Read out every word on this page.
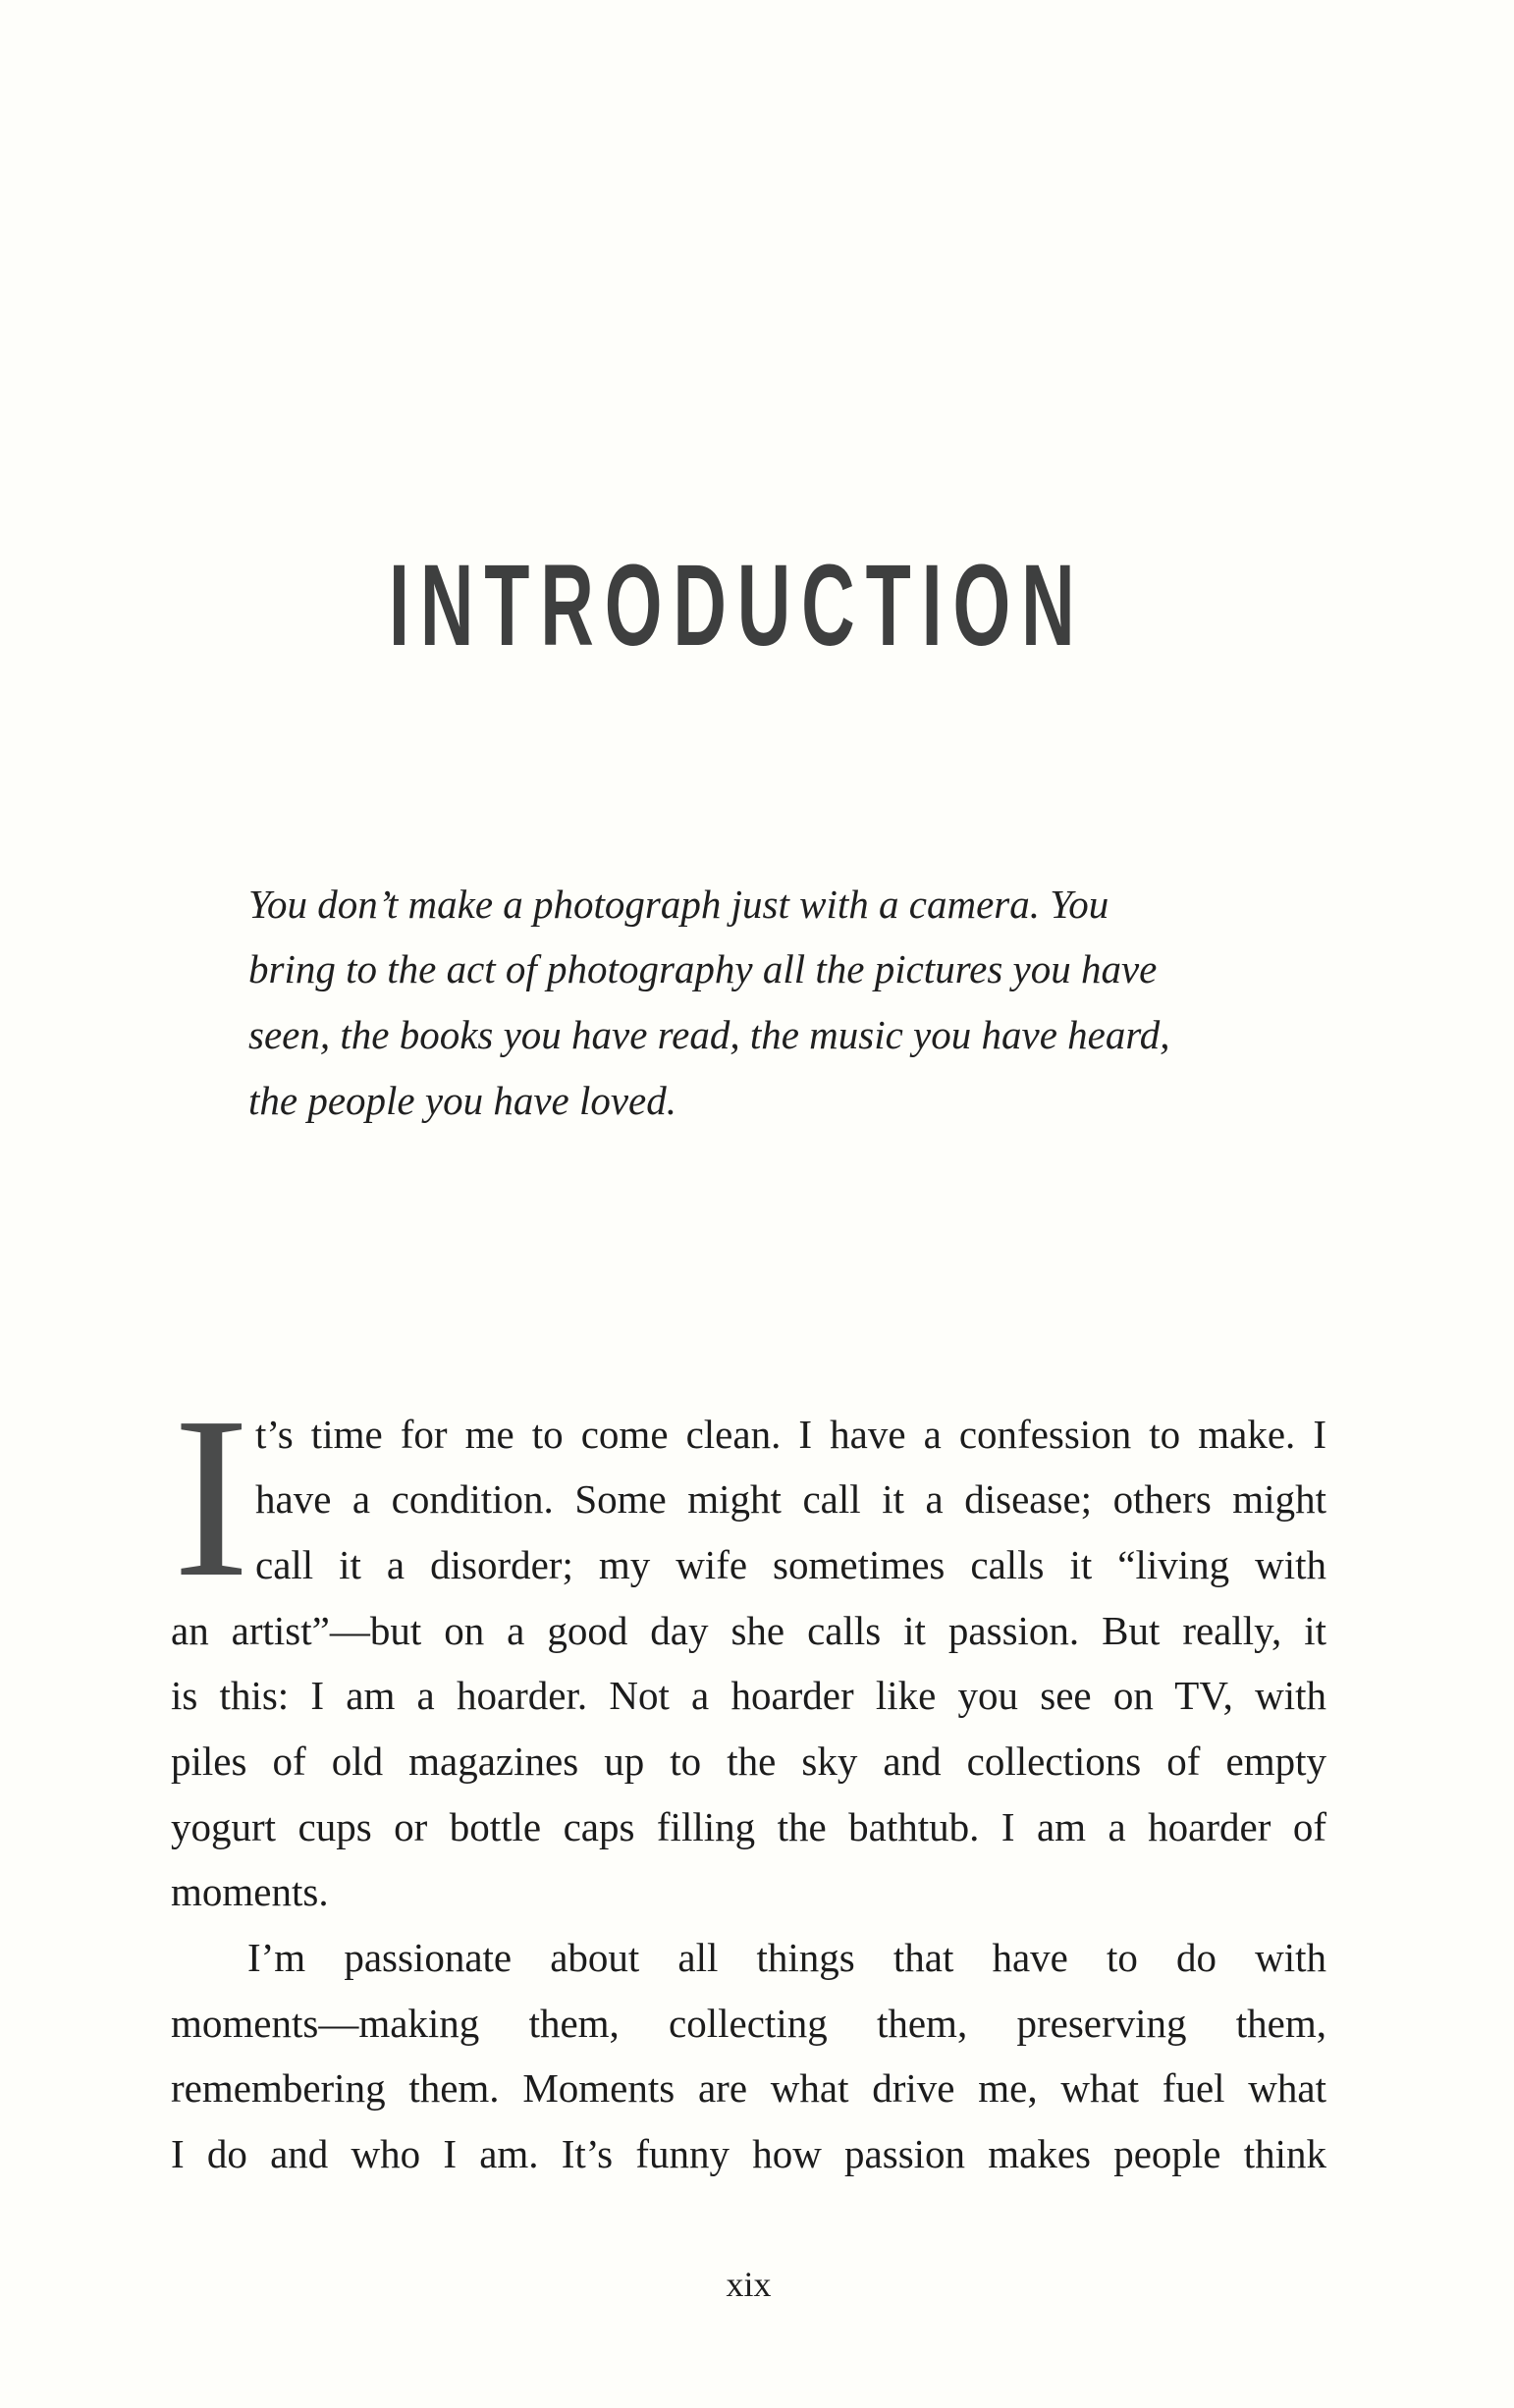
INTRODUCTION
You don’t make a photograph just with a camera. You
bring to the act of photography all the pictures you have
seen, the books you have read, the music you have heard,
the people you have loved.
I t’s time for me to come clean. I have a confession to make. I
have a condition. Some might call it a disease; others might
call it a disorder; my wife sometimes calls it “living with
an artist”—but on a good day she calls it passion. But really, it
is this: I am a hoarder. Not a hoarder like you see on TV, with
piles of old magazines up to the sky and collections of empty
yogurt cups or bottle caps filling the bathtub. I am a hoarder of
moments.
I’m passionate about all things that have to do with
moments—making them, collecting them, preserving them,
remembering them. Moments are what drive me, what fuel what
I do and who I am. It’s funny how passion makes people think
xix
